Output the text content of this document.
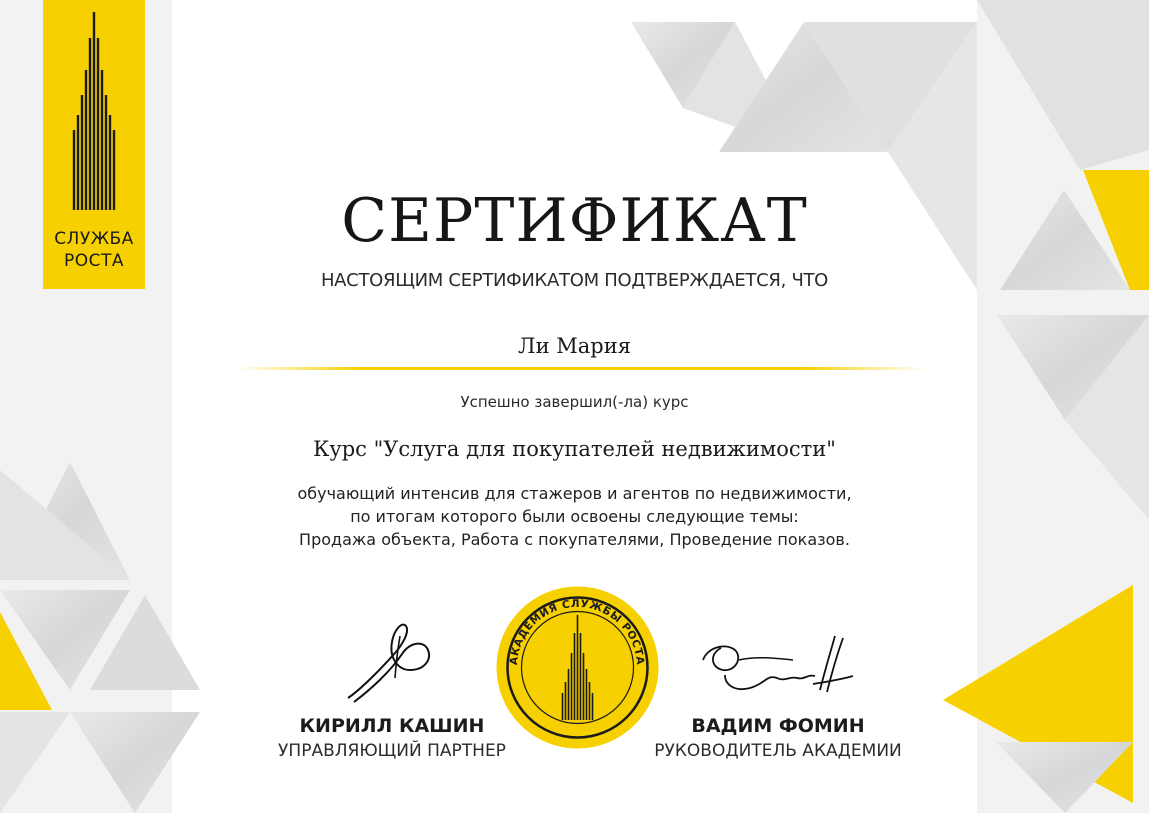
СЛУЖБА
РОСТА
СЕРТИФИКАТ
НАСТОЯЩИМ СЕРТИФИКАТОМ ПОДТВЕРЖДАЕТСЯ, ЧТО
Ли Мария
Успешно завершил(-ла) курс
Курс "Услуга для покупателей недвижимости"
обучающий интенсив для стажеров и агентов по недвижимости,
по итогам которого были освоены следующие темы:
Продажа объекта, Работа с покупателями, Проведение показов.
АКАДЕМИЯ СЛУЖБЫ РОСТА
КИРИЛЛ КАШИН
УПРАВЛЯЮЩИЙ ПАРТНЕР
ВАДИМ ФОМИН
РУКОВОДИТЕЛЬ АКАДЕМИИ
